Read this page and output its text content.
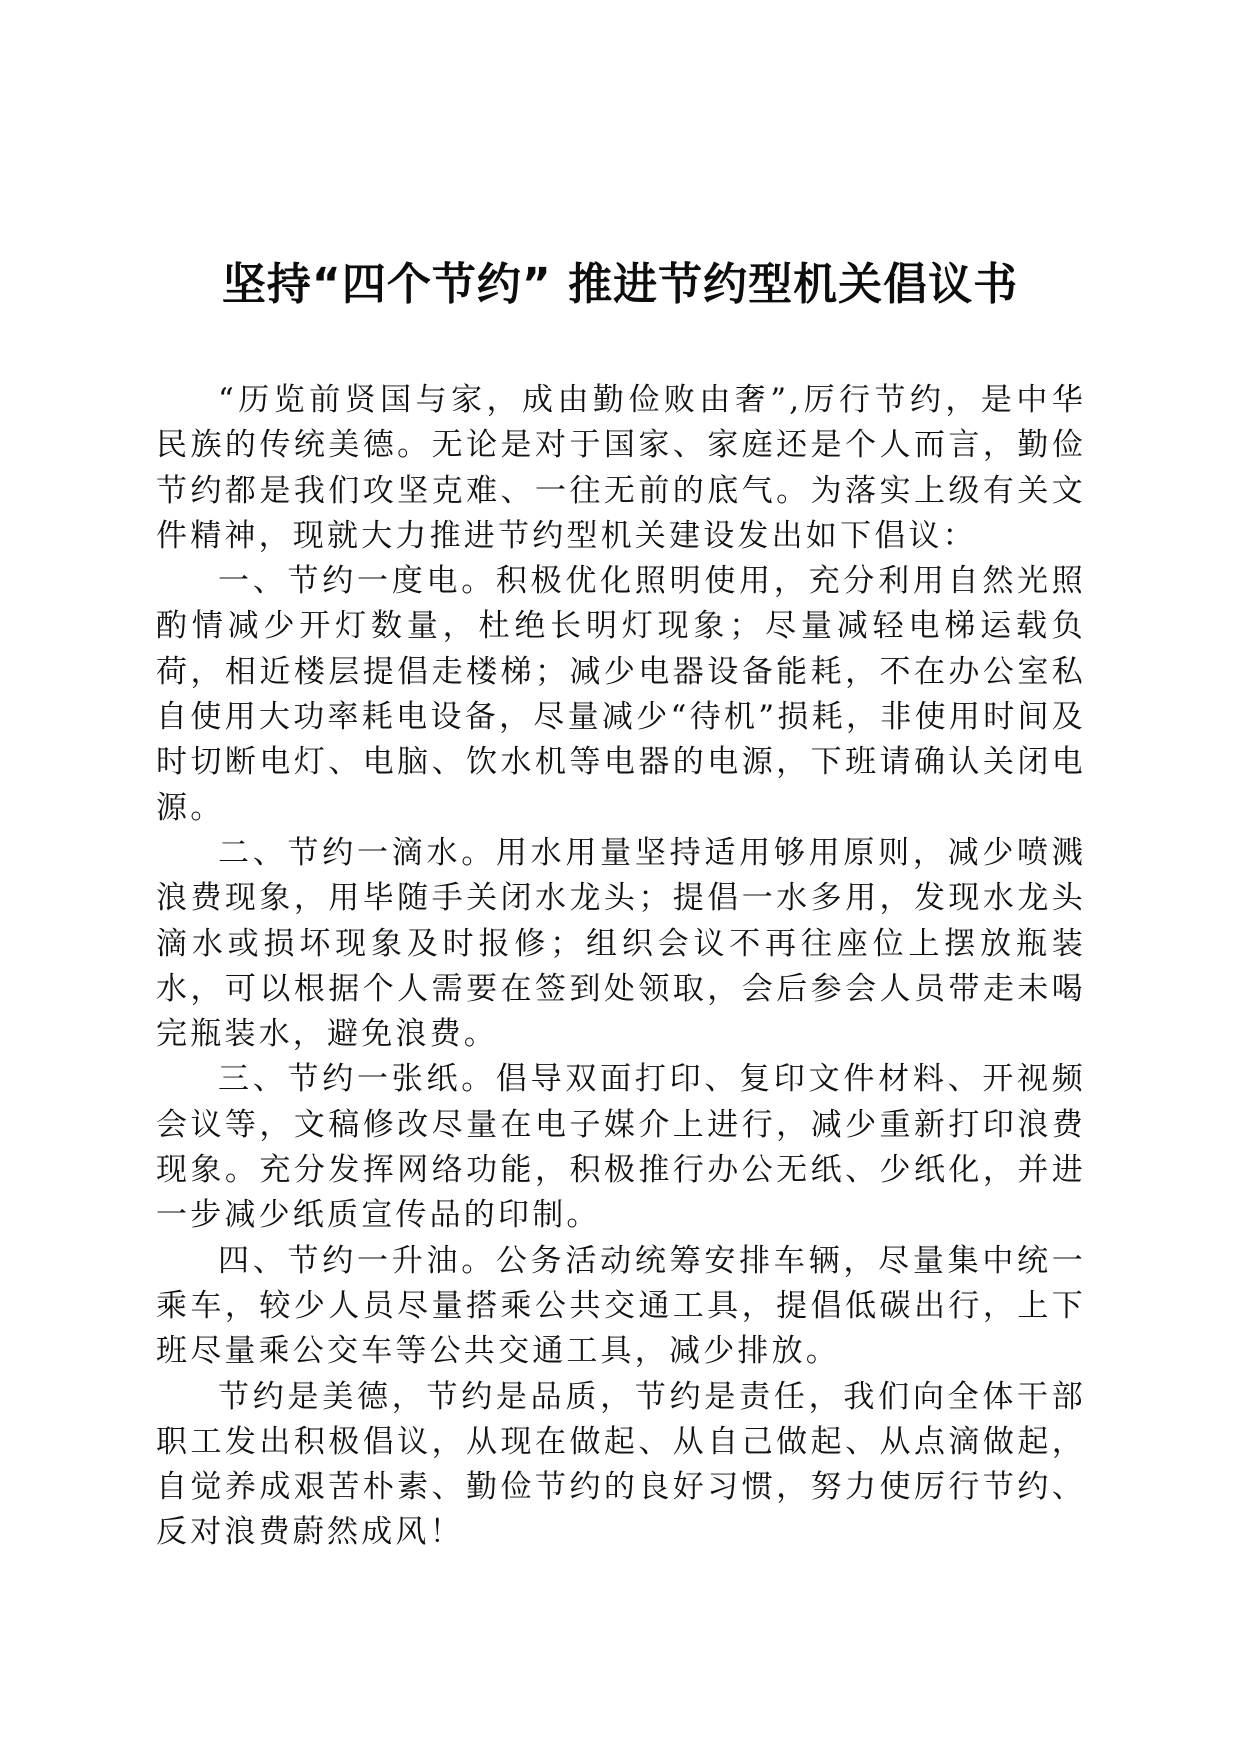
坚持“四个节约” 推进节约型机关倡议书

“历览前贤国与家，成由勤俭败由奢”,厉行节约，是中华民族的传统美德。无论是对于国家、家庭还是个人而言，勤俭节约都是我们攻坚克难、一往无前的底气。为落实上级有关文件精神，现就大力推进节约型机关建设发出如下倡议：

一、节约一度电。积极优化照明使用，充分利用自然光照酌情减少开灯数量，杜绝长明灯现象；尽量减轻电梯运载负荷，相近楼层提倡走楼梯；减少电器设备能耗，不在办公室私自使用大功率耗电设备，尽量减少“待机”损耗，非使用时间及时切断电灯、电脑、饮水机等电器的电源，下班请确认关闭电源。

二、节约一滴水。用水用量坚持适用够用原则，减少喷溅浪费现象，用毕随手关闭水龙头；提倡一水多用，发现水龙头滴水或损坏现象及时报修；组织会议不再往座位上摆放瓶装水，可以根据个人需要在签到处领取，会后参会人员带走未喝完瓶装水，避免浪费。

三、节约一张纸。倡导双面打印、复印文件材料、开视频会议等，文稿修改尽量在电子媒介上进行，减少重新打印浪费现象。充分发挥网络功能，积极推行办公无纸、少纸化，并进一步减少纸质宣传品的印制。

四、节约一升油。公务活动统筹安排车辆，尽量集中统一乘车，较少人员尽量搭乘公共交通工具，提倡低碳出行，上下班尽量乘公交车等公共交通工具，减少排放。

节约是美德，节约是品质，节约是责任，我们向全体干部职工发出积极倡议，从现在做起、从自己做起、从点滴做起，自觉养成艰苦朴素、勤俭节约的良好习惯，努力使厉行节约、反对浪费蔚然成风！
